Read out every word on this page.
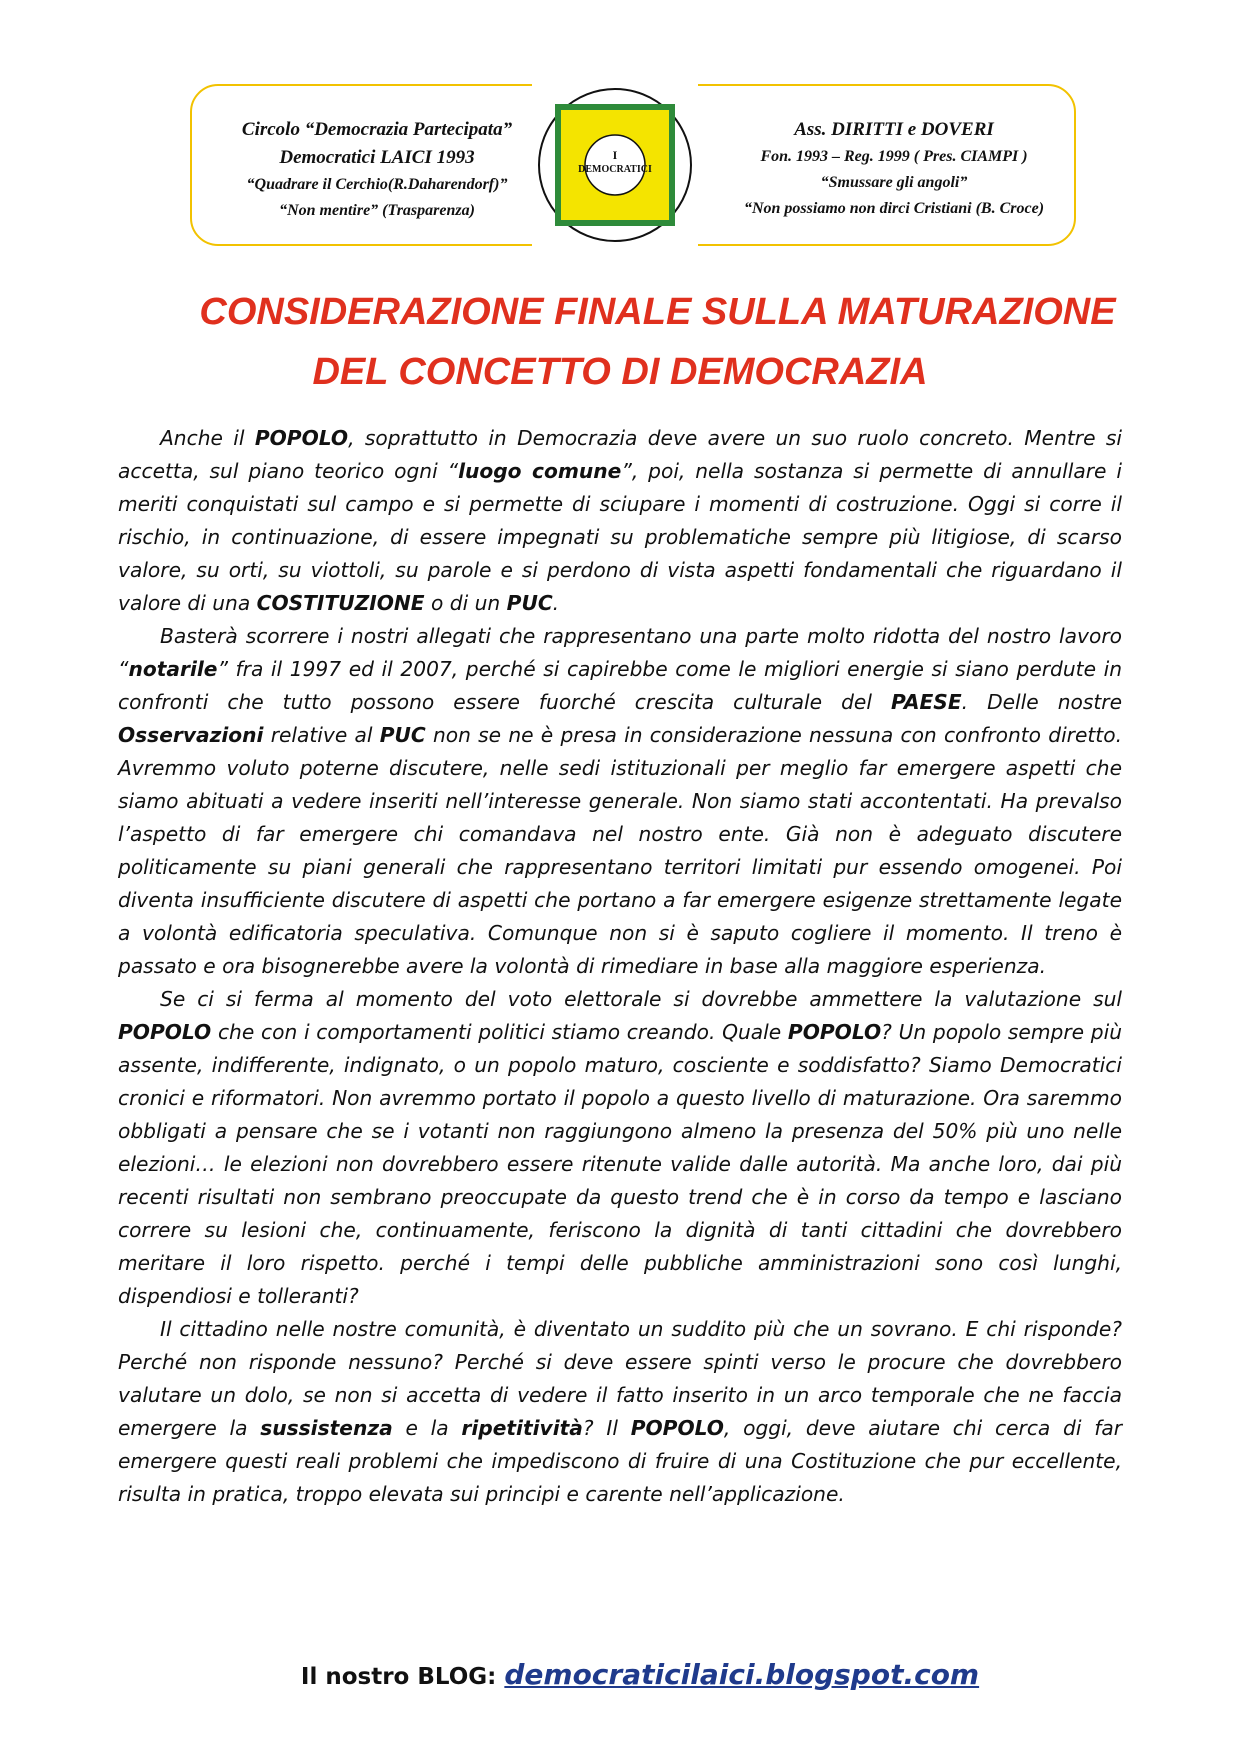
Circolo “Democrazia Partecipata”
Democratici LAICI 1993
“Quadrare il Cerchio(R.Daharendorf)”
“Non mentire” (Trasparenza)
I
DEMOCRATICI
Ass. DIRITTI e DOVERI
Fon. 1993 – Reg. 1999 ( Pres. CIAMPI )
“Smussare gli angoli”
“Non possiamo non dirci Cristiani (B. Croce)
CONSIDERAZIONE FINALE SULLA MATURAZIONE
DEL CONCETTO DI DEMOCRAZIA

Anche il POPOLO, soprattutto in Democrazia deve avere un suo ruolo concreto. Mentre si accetta, sul piano teorico ogni “luogo comune”, poi, nella sostanza si permette di annullare i meriti conquistati sul campo e si permette di sciupare i momenti di costruzione. Oggi si corre il rischio, in continuazione, di essere impegnati su problematiche sempre più litigiose, di scarso valore, su orti, su viottoli, su parole e si perdono di vista aspetti fondamentali che riguardano il valore di una COSTITUZIONE o di un PUC.

Basterà scorrere i nostri allegati che rappresentano una parte molto ridotta del nostro lavoro “notarile” fra il 1997 ed il 2007, perché si capirebbe come le migliori energie si siano perdute in confronti che tutto possono essere fuorché crescita culturale del PAESE. Delle nostre Osservazioni relative al PUC non se ne è presa in considerazione nessuna con confronto diretto. Avremmo voluto poterne discutere, nelle sedi istituzionali per meglio far emergere aspetti che siamo abituati a vedere inseriti nell’interesse generale. Non siamo stati accontentati. Ha prevalso l’aspetto di far emergere chi comandava nel nostro ente. Già non è adeguato discutere politicamente su piani generali che rappresentano territori limitati pur essendo omogenei. Poi diventa insufficiente discutere di aspetti che portano a far emergere esigenze strettamente legate a volontà edificatoria speculativa. Comunque non si è saputo cogliere il momento. Il treno è passato e ora bisognerebbe avere la volontà di rimediare in base alla maggiore esperienza.

Se ci si ferma al momento del voto elettorale si dovrebbe ammettere la valutazione sul POPOLO che con i comportamenti politici stiamo creando. Quale POPOLO? Un popolo sempre più assente, indifferente, indignato, o un popolo maturo, cosciente e soddisfatto? Siamo Democratici cronici e riformatori. Non avremmo portato il popolo a questo livello di maturazione. Ora saremmo obbligati a pensare che se i votanti non raggiungono almeno la presenza del 50% più uno nelle elezioni… le elezioni non dovrebbero essere ritenute valide dalle autorità. Ma anche loro, dai più recenti risultati non sembrano preoccupate da questo trend che è in corso da tempo e lasciano correre su lesioni che, continuamente, feriscono la dignità di tanti cittadini che dovrebbero meritare il loro rispetto. perché i tempi delle pubbliche amministrazioni sono così lunghi, dispendiosi e tolleranti?

Il cittadino nelle nostre comunità, è diventato un suddito più che un sovrano. E chi risponde? Perché non risponde nessuno? Perché si deve essere spinti verso le procure che dovrebbero valutare un dolo, se non si accetta di vedere il fatto inserito in un arco temporale che ne faccia emergere la sussistenza e la ripetitività? Il POPOLO, oggi, deve aiutare chi cerca di far emergere questi reali problemi che impediscono di fruire di una Costituzione che pur eccellente, risulta in pratica, troppo elevata sui principi e carente nell’applicazione.

Il nostro BLOG: democraticilaici.blogspot.com
